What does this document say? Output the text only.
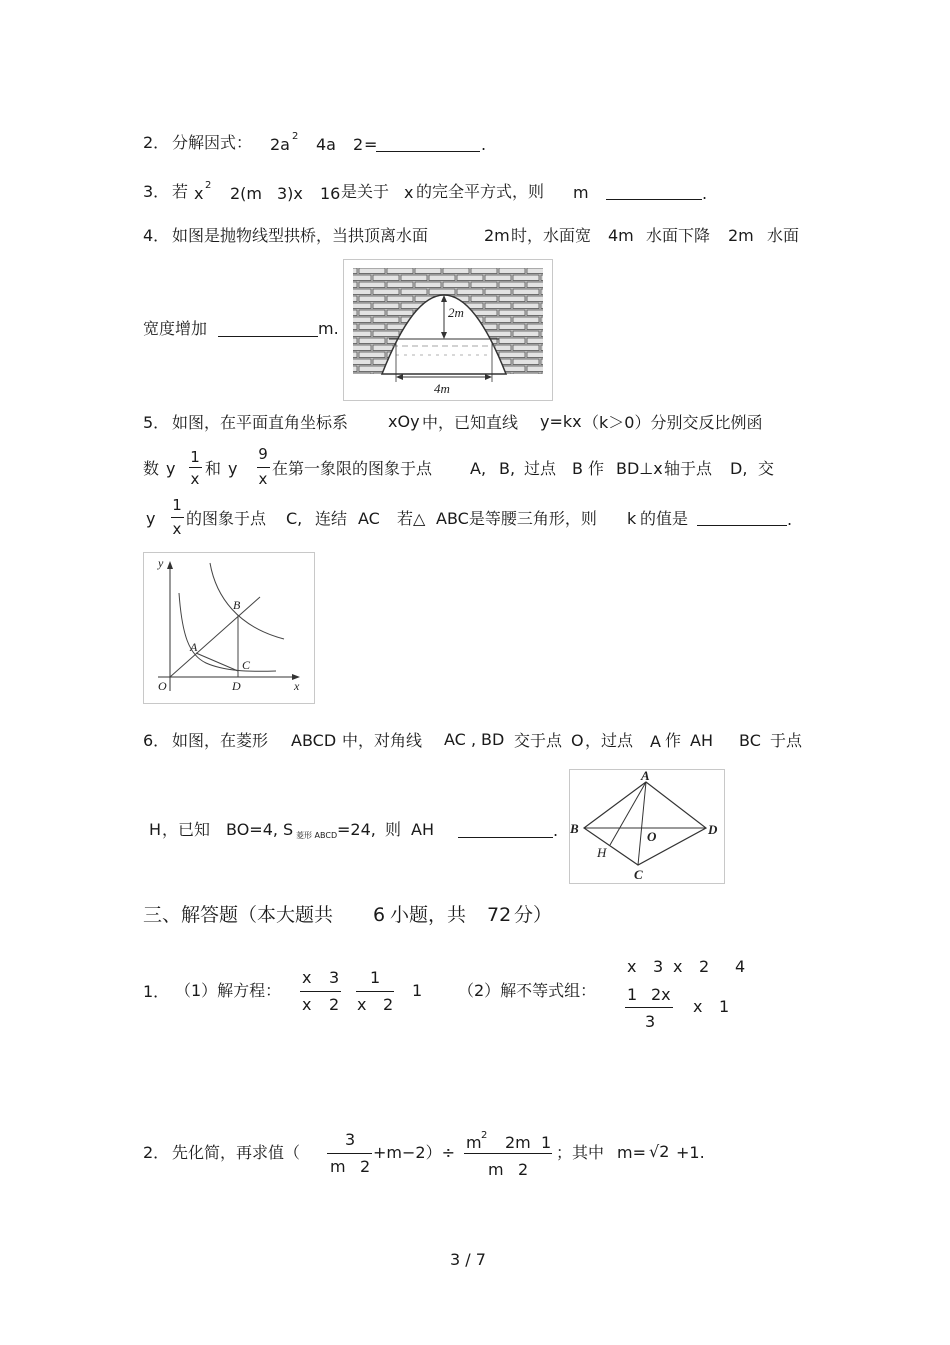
2． 分解因式： 2a 2 4a 2 =	.
3． 若 x 2 2(m 3)x 16 是关于 x 的完全平方式，则 m	.
4． 如图是抛物线型拱桥，当拱顶离水面	2m 时，水面宽 4m 水面下降 2m 水面
宽度增加	m.
2m
4m
5． 如图，在平面直角坐标系 xOy 中，已知直线 y=kx （k＞0）分别交反比例函
数 y
1
x
和 y
9
x
在第一象限的图象于点 A, B, 过点 B 作 BD⊥x 轴于点 D, 交
y
1
x
的图象于点 C, 连结 AC 若△ ABC是等腰三角形，则 k 的值是	.
y
x
O
A
B
C
D
6． 如图，在菱形 ABCD 中，对角线 AC , BD 交于点 O ，过点 A 作 AH BC 于点
H ，已知 BO=4, S 菱形 ABCD =24, 则 AH	.
A
B
C
D
O
H
三、解答题（本大题共 6 小题，共 72 分）
1． （1）解方程：
x 3
x 2
1
x 2
1 （2）解不等式组：
x 3 x 2 4
1 2x
3
x 1
2． 先化简，再求值（
3
m 2
+m−2）÷
m 2 2m 1
m 2
；其中 m= √2 +1.
3 / 7
